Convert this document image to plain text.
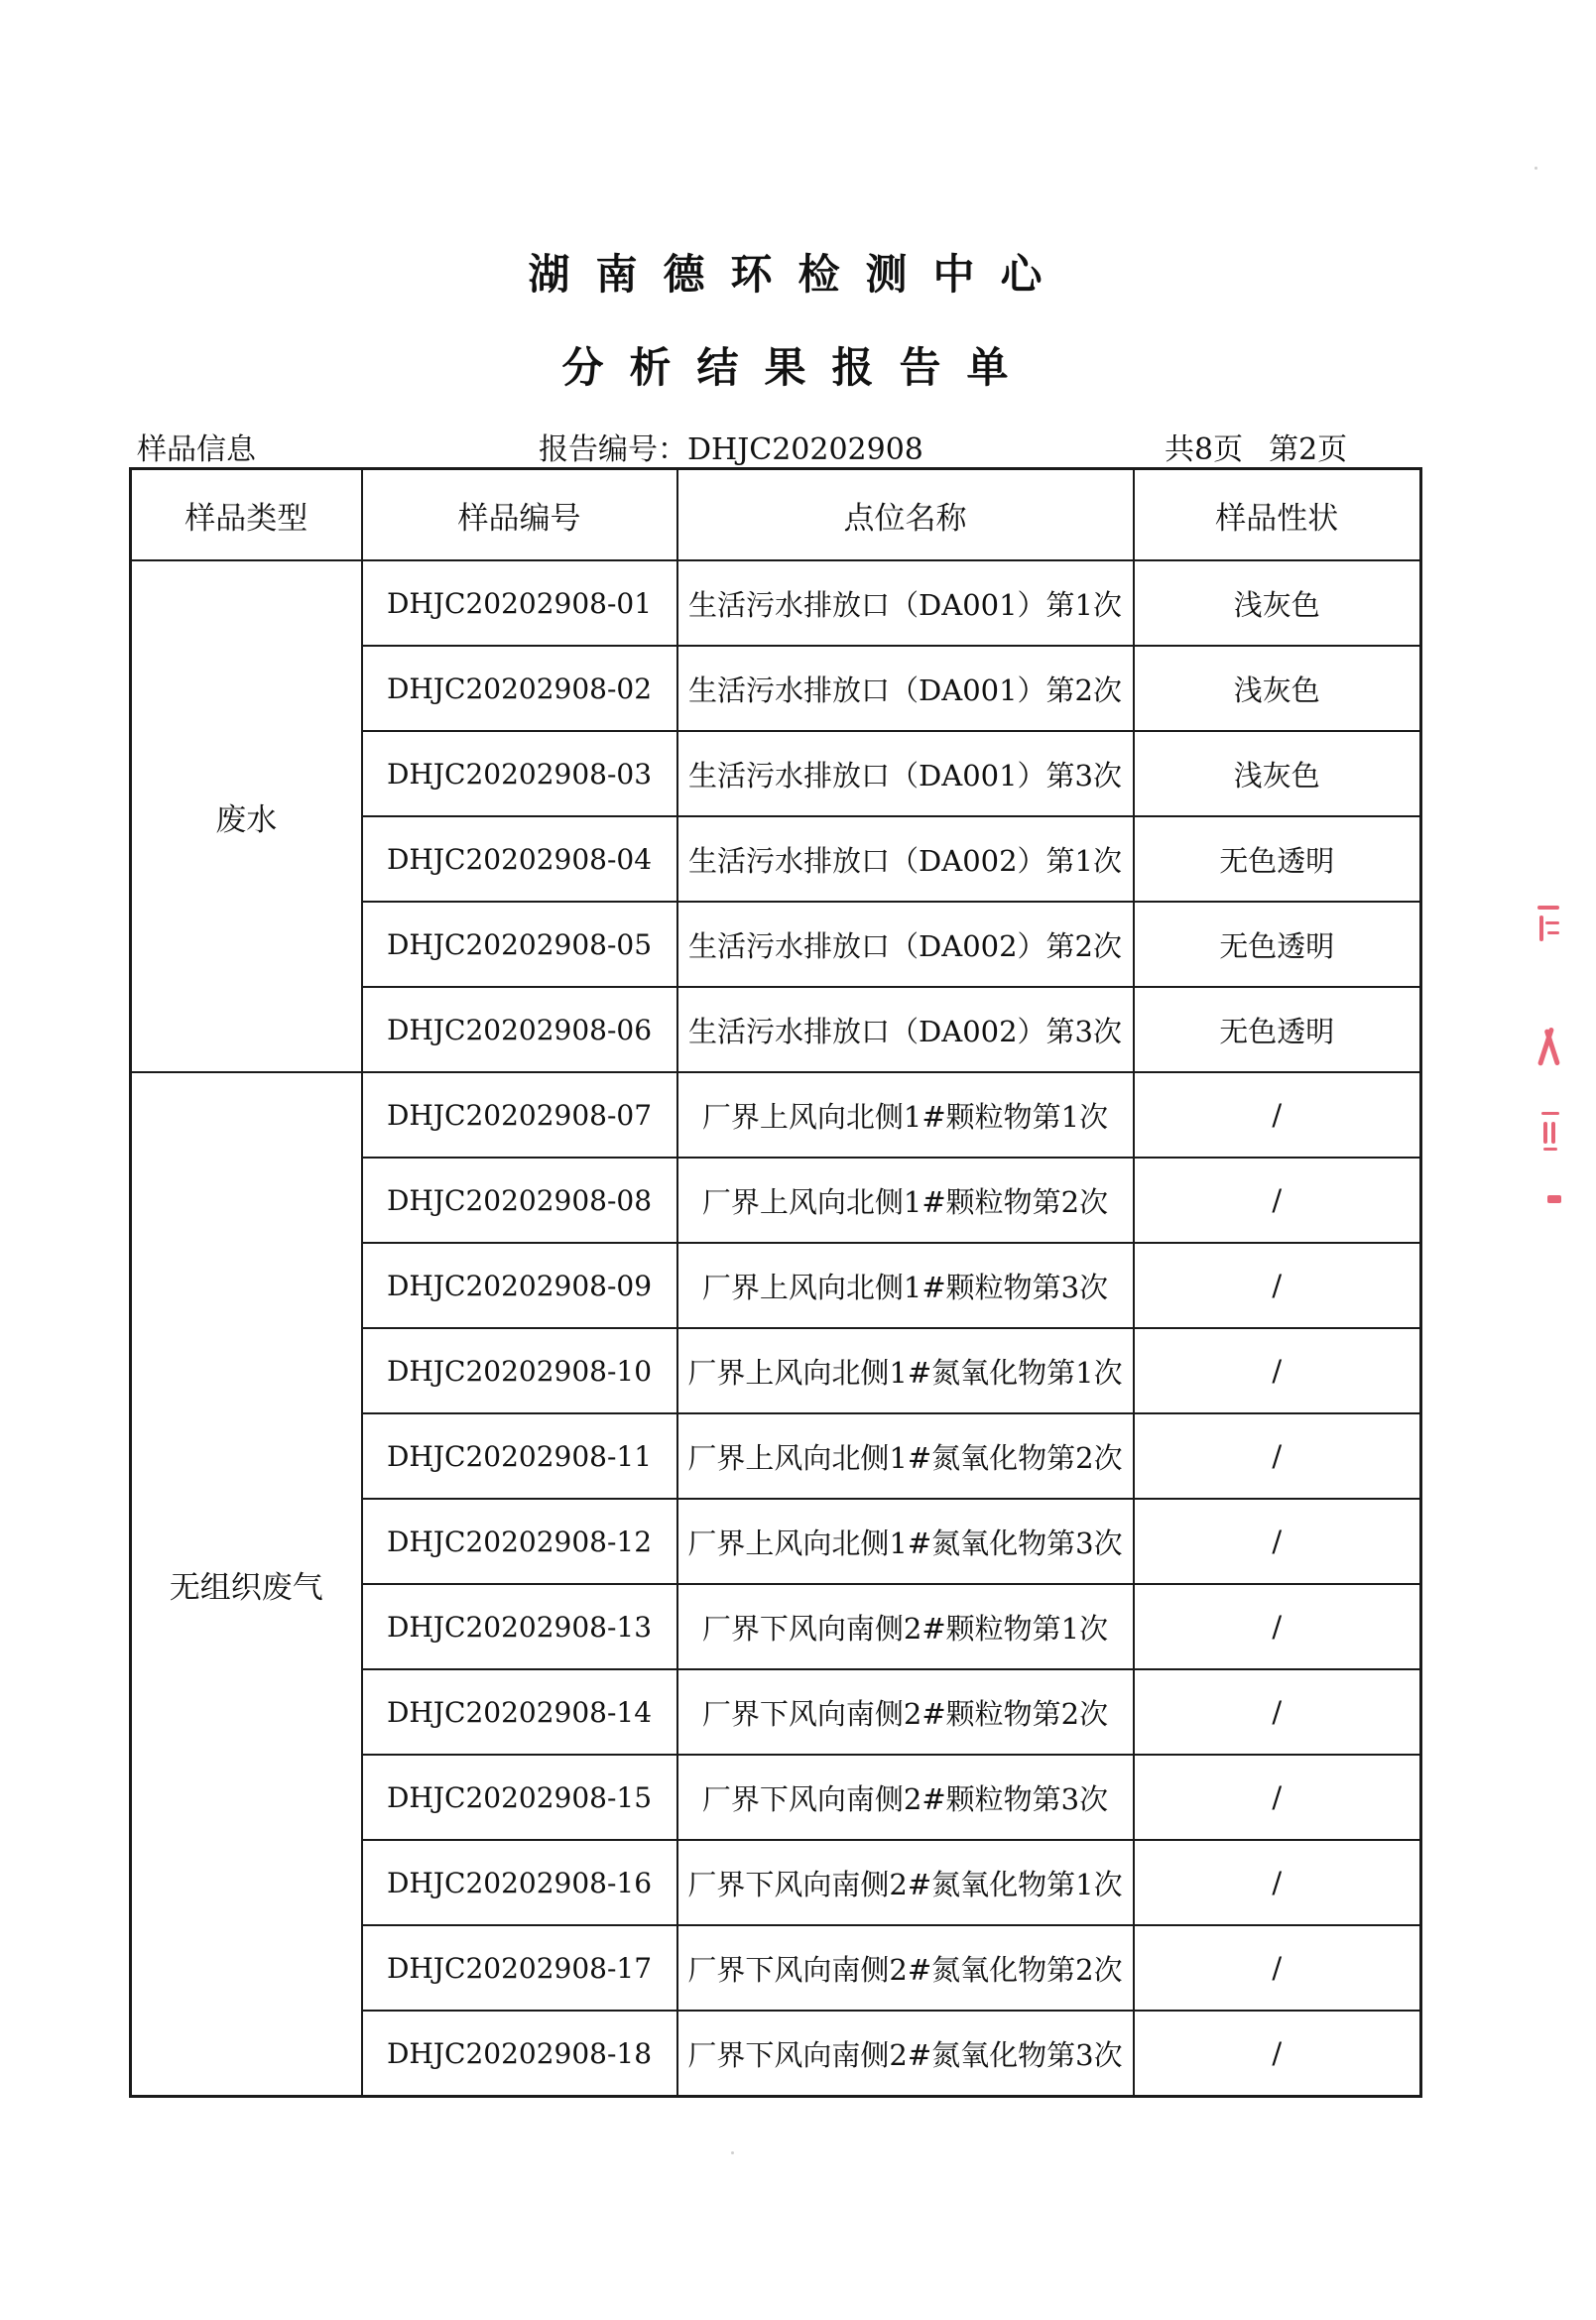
湖南德环检测中心
分析结果报告单
样品信息	报告编号：DHJC20202908	共8页 第2页
样品类型	样品编号	点位名称	样品性状
废水	DHJC20202908-01	生活污水排放口（DA001）第1次	浅灰色
	DHJC20202908-02	生活污水排放口（DA001）第2次	浅灰色
	DHJC20202908-03	生活污水排放口（DA001）第3次	浅灰色
	DHJC20202908-04	生活污水排放口（DA002）第1次	无色透明
	DHJC20202908-05	生活污水排放口（DA002）第2次	无色透明
	DHJC20202908-06	生活污水排放口（DA002）第3次	无色透明
无组织废气	DHJC20202908-07	厂界上风向北侧1#颗粒物第1次	/
	DHJC20202908-08	厂界上风向北侧1#颗粒物第2次	/
	DHJC20202908-09	厂界上风向北侧1#颗粒物第3次	/
	DHJC20202908-10	厂界上风向北侧1#氮氧化物第1次	/
	DHJC20202908-11	厂界上风向北侧1#氮氧化物第2次	/
	DHJC20202908-12	厂界上风向北侧1#氮氧化物第3次	/
	DHJC20202908-13	厂界下风向南侧2#颗粒物第1次	/
	DHJC20202908-14	厂界下风向南侧2#颗粒物第2次	/
	DHJC20202908-15	厂界下风向南侧2#颗粒物第3次	/
	DHJC20202908-16	厂界下风向南侧2#氮氧化物第1次	/
	DHJC20202908-17	厂界下风向南侧2#氮氧化物第2次	/
	DHJC20202908-18	厂界下风向南侧2#氮氧化物第3次	/
